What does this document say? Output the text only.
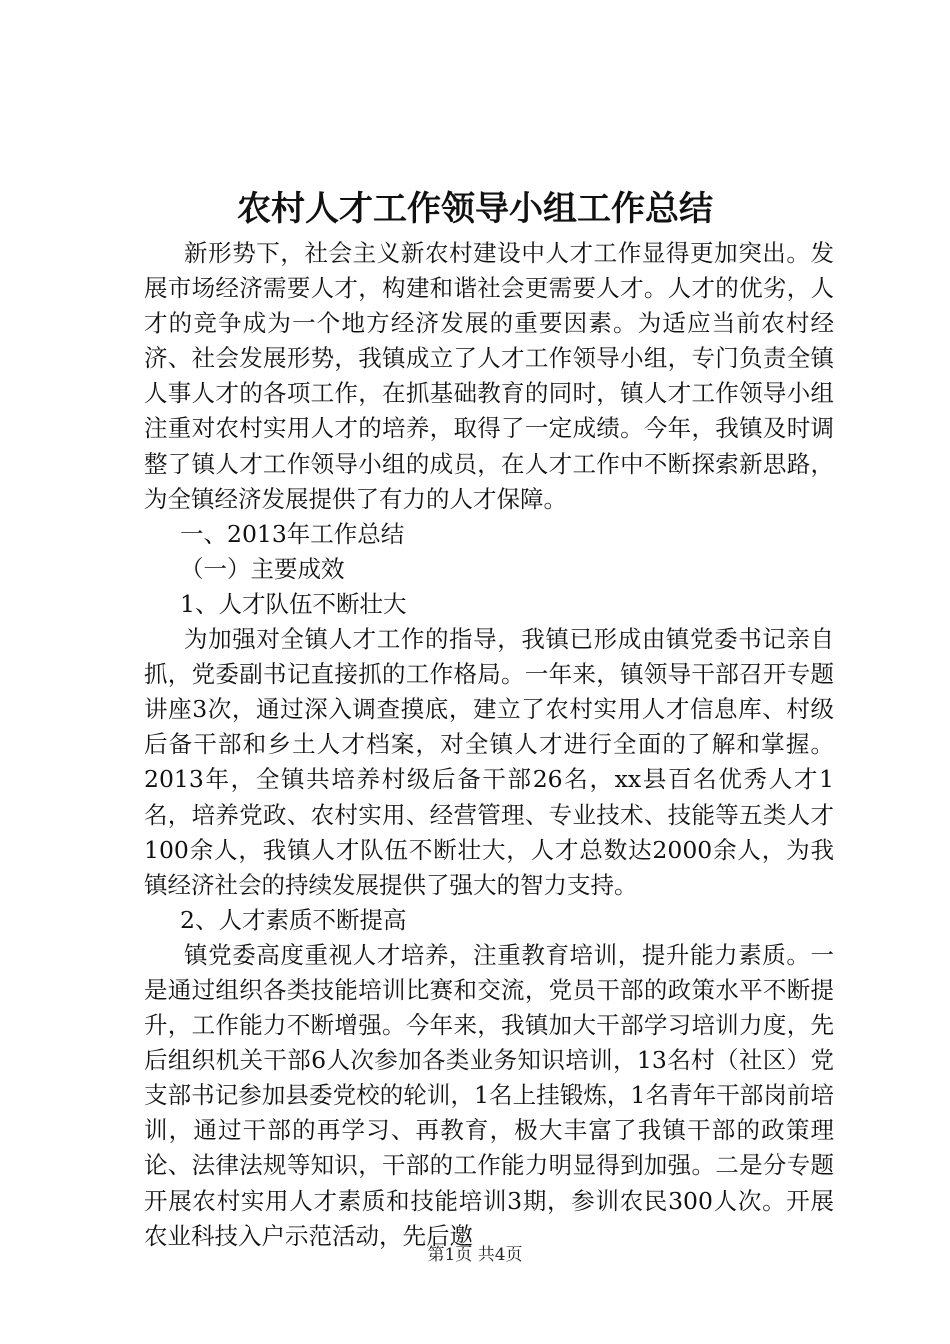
农村人才工作领导小组工作总结

新形势下，社会主义新农村建设中人才工作显得更加突出。发展市场经济需要人才，构建和谐社会更需要人才。人才的优劣，人才的竞争成为一个地方经济发展的重要因素。为适应当前农村经济、社会发展形势，我镇成立了人才工作领导小组，专门负责全镇人事人才的各项工作，在抓基础教育的同时，镇人才工作领导小组注重对农村实用人才的培养，取得了一定成绩。今年，我镇及时调整了镇人才工作领导小组的成员，在人才工作中不断探索新思路，为全镇经济发展提供了有力的人才保障。

一、2013年工作总结

（一）主要成效

1、人才队伍不断壮大

为加强对全镇人才工作的指导，我镇已形成由镇党委书记亲自抓，党委副书记直接抓的工作格局。一年来，镇领导干部召开专题讲座3次，通过深入调查摸底，建立了农村实用人才信息库、村级后备干部和乡土人才档案，对全镇人才进行全面的了解和掌握。2013年，全镇共培养村级后备干部26名，xx县百名优秀人才1名，培养党政、农村实用、经营管理、专业技术、技能等五类人才100余人，我镇人才队伍不断壮大，人才总数达2000余人，为我镇经济社会的持续发展提供了强大的智力支持。

2、人才素质不断提高

镇党委高度重视人才培养，注重教育培训，提升能力素质。一是通过组织各类技能培训比赛和交流，党员干部的政策水平不断提升，工作能力不断增强。今年来，我镇加大干部学习培训力度，先后组织机关干部6人次参加各类业务知识培训，13名村（社区）党支部书记参加县委党校的轮训，1名上挂锻炼，1名青年干部岗前培训，通过干部的再学习、再教育，极大丰富了我镇干部的政策理论、法律法规等知识，干部的工作能力明显得到加强。二是分专题开展农村实用人才素质和技能培训3期，参训农民300人次。开展农业科技入户示范活动，先后邀

第1页 共4页
